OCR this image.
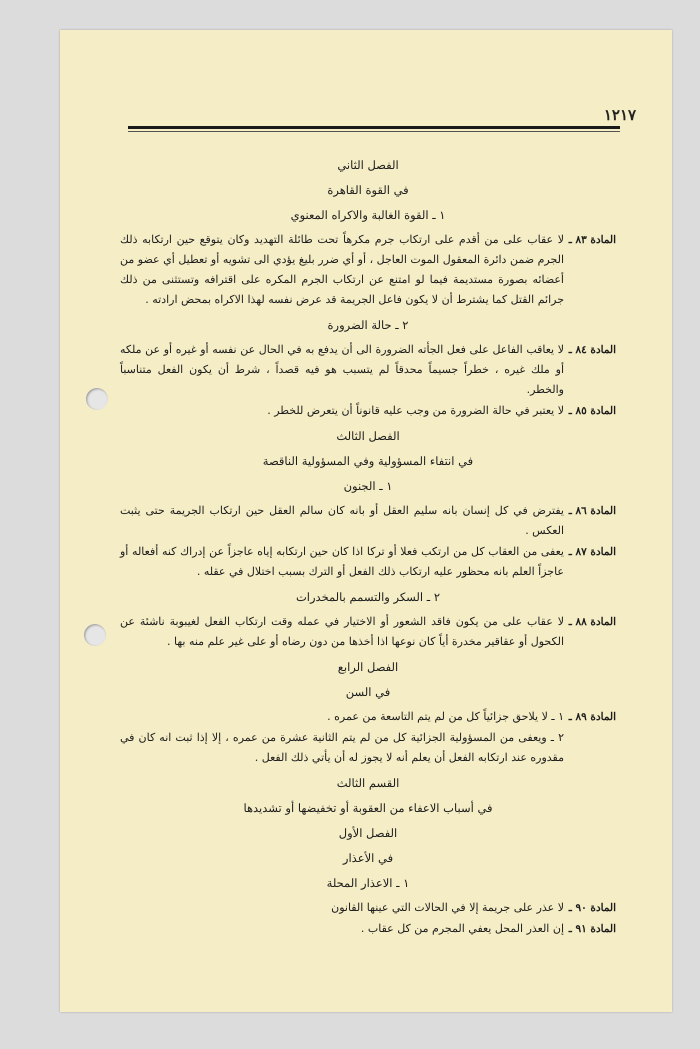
١٢١٧
الفصل الثاني
في القوة القاهرة
١ ـ القوة الغالبة والاكراه المعنوي
المادة ٨٣ ـ
لا عقاب على من أقدم على ارتكاب جرم مكرهاً تحت طائلة التهديد وكان يتوقع حين ارتكابه ذلك الجرم ضمن دائرة المعقول الموت العاجل ، أو أي ضرر بليغ يؤدي الى تشويه أو تعطيل أي عضو من أعضائه بصورة مستديمة فيما لو امتنع عن ارتكاب الجرم المكره على اقترافه وتستثنى من ذلك جرائم القتل كما يشترط أن لا يكون فاعل الجريمة قد عرض نفسه لهذا الاكراه بمحض ارادته .
٢ ـ حالة الضرورة
المادة ٨٤ ـ
لا يعاقب الفاعل على فعل الجأته الضرورة الى أن يدفع به في الحال عن نفسه أو غيره أو عن ملكه أو ملك غيره ، خطراً جسيماً محدقاً لم يتسبب هو فيه قصداً ، شرط أن يكون الفعل متناسباً والخطر.
المادة ٨٥ ـ
لا يعتبر في حالة الضرورة من وجب عليه قانوناً أن يتعرض للخطر .
الفصل الثالث
في انتفاء المسؤولية وفي المسؤولية الناقصة
١ ـ الجنون
المادة ٨٦ ـ
يفترض في كل إنسان بانه سليم العقل أو بانه كان سالم العقل حين ارتكاب الجريمة حتى يثبت العكس .
المادة ٨٧ ـ
يعفى من العقاب كل من ارتكب فعلا أو تركا اذا كان حين ارتكابه إياه عاجزاً عن إدراك كنه أفعاله أو عاجزاً العلم بانه محظور عليه ارتكاب ذلك الفعل أو الترك بسبب اختلال في عقله .
٢ ـ السكر والتسمم بالمخدرات
المادة ٨٨ ـ
لا عقاب على من يكون فاقد الشعور أو الاختيار في عمله وقت ارتكاب الفعل لغيبوبة ناشئة عن الكحول أو عقاقير مخدرة أياً كان نوعها اذا أخذها من دون رضاه أو على غير علم منه بها .
الفصل الرابع
في السن
المادة ٨٩ ـ
١ ـ لا يلاحق جزائياً كل من لم يتم التاسعة من عمره .
٢ ـ ويعفى من المسؤولية الجزائية كل من لم يتم الثانية عشرة من عمره ، إلا إذا ثبت انه كان في مقدوره عند ارتكابه الفعل أن يعلم أنه لا يجوز له أن يأتي ذلك الفعل .
القسم الثالث
في أسباب الاعفاء من العقوبة أو تخفيضها أو تشديدها
الفصل الأول
في الأعذار
١ ـ الاعذار المحلة
المادة ٩٠ ـ
لا عذر على جريمة إلا في الحالات التي عينها القانون
المادة ٩١ ـ
إن العذر المحل يعفي المجرم من كل عقاب .
